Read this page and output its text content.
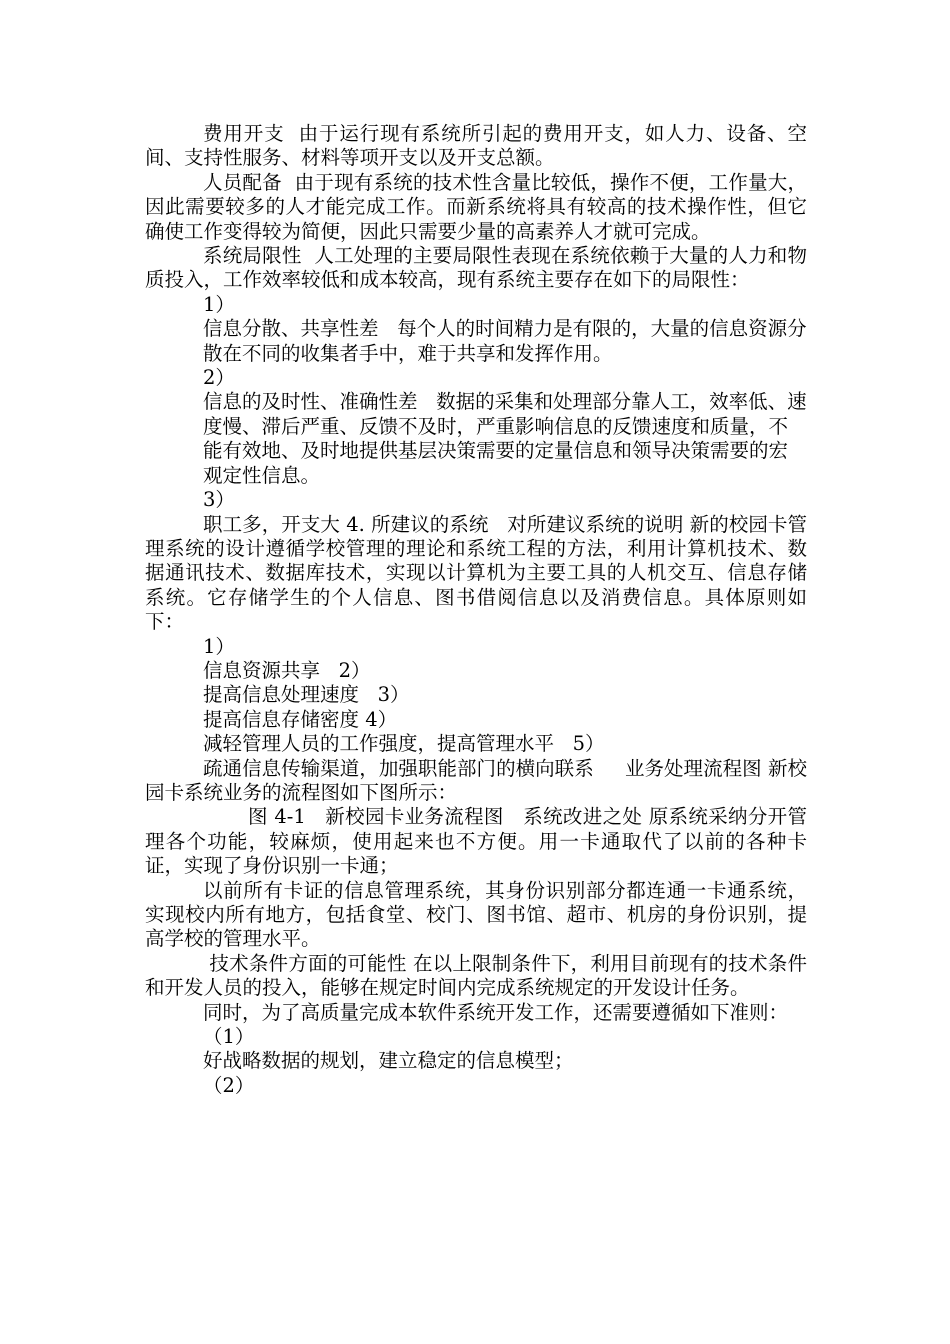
费用开支  由于运行现有系统所引起的费用开支，如人力、设备、空间、支持性服务、材料等项开支以及开支总额。

人员配备  由于现有系统的技术性含量比较低，操作不便，工作量大，因此需要较多的人才能完成工作。而新系统将具有较高的技术操作性，但它确使工作变得较为简便，因此只需要少量的高素养人才就可完成。

系统局限性  人工处理的主要局限性表现在系统依赖于大量的人力和物质投入，工作效率较低和成本较高，现有系统主要存在如下的局限性：

1）

信息分散、共享性差   每个人的时间精力是有限的，大量的信息资源分散在不同的收集者手中，难于共享和发挥作用。

2）

信息的及时性、准确性差   数据的采集和处理部分靠人工，效率低、速度慢、滞后严重、反馈不及时，严重影响信息的反馈速度和质量，不能有效地、及时地提供基层决策需要的定量信息和领导决策需要的宏观定性信息。

3）

职工多，开支大 4. 所建议的系统   对所建议系统的说明 新的校园卡管理系统的设计遵循学校管理的理论和系统工程的方法，利用计算机技术、数据通讯技术、数据库技术，实现以计算机为主要工具的人机交互、信息存储系统。它存储学生的个人信息、图书借阅信息以及消费信息。具体原则如下：

1）

信息资源共享   2）

提高信息处理速度   3）

提高信息存储密度 4）

减轻管理人员的工作强度，提高管理水平   5）

疏通信息传输渠道，加强职能部门的横向联系     业务处理流程图 新校园卡系统业务的流程图如下图所示：

图 4-1   新校园卡业务流程图   系统改进之处 原系统采纳分开管理各个功能，较麻烦，使用起来也不方便。用一卡通取代了以前的各种卡证，实现了身份识别一卡通；

以前所有卡证的信息管理系统，其身份识别部分都连通一卡通系统，实现校内所有地方，包括食堂、校门、图书馆、超市、机房的身份识别，提高学校的管理水平。

技术条件方面的可能性 在以上限制条件下，利用目前现有的技术条件和开发人员的投入，能够在规定时间内完成系统规定的开发设计任务。

同时，为了高质量完成本软件系统开发工作，还需要遵循如下准则：

（1）

好战略数据的规划，建立稳定的信息模型；

（2）
